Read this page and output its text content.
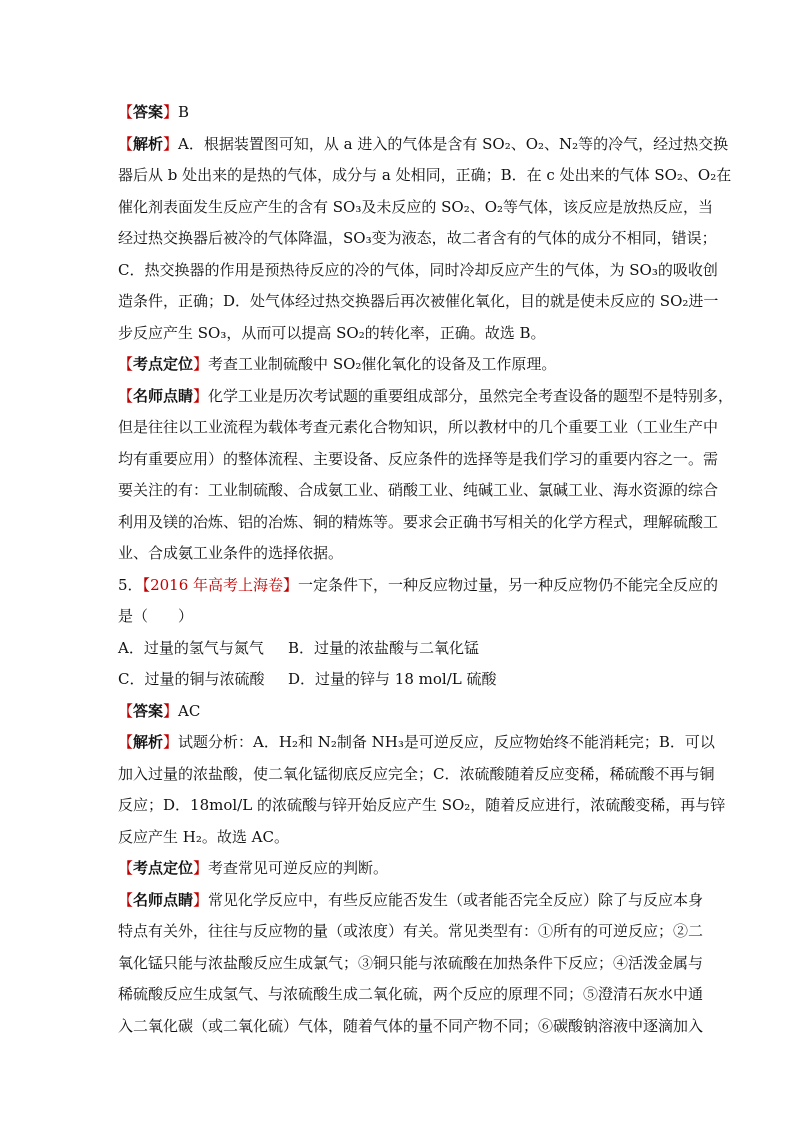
【答案】B
【解析】A．根据装置图可知，从 a 进入的气体是含有 SO₂、O₂、N₂等的冷气，经过热交换
器后从 b 处出来的是热的气体，成分与 a 处相同，正确；B．在 c 处出来的气体 SO₂、O₂在
催化剂表面发生反应产生的含有 SO₃及未反应的 SO₂、O₂等气体，该反应是放热反应，当
经过热交换器后被冷的气体降温，SO₃变为液态，故二者含有的气体的成分不相同，错误；
C．热交换器的作用是预热待反应的冷的气体，同时冷却反应产生的气体，为 SO₃的吸收创
造条件，正确；D．处气体经过热交换器后再次被催化氧化，目的就是使未反应的 SO₂进一
步反应产生 SO₃，从而可以提高 SO₂的转化率，正确。故选 B。
【考点定位】考查工业制硫酸中 SO₂催化氧化的设备及工作原理。
【名师点睛】化学工业是历次考试题的重要组成部分，虽然完全考查设备的题型不是特别多，
但是往往以工业流程为载体考查元素化合物知识，所以教材中的几个重要工业（工业生产中
均有重要应用）的整体流程、主要设备、反应条件的选择等是我们学习的重要内容之一。需
要关注的有：工业制硫酸、合成氨工业、硝酸工业、纯碱工业、氯碱工业、海水资源的综合
利用及镁的冶炼、铝的冶炼、铜的精炼等。要求会正确书写相关的化学方程式，理解硫酸工
业、合成氨工业条件的选择依据。
5．【2016 年高考上海卷】一定条件下，一种反应物过量，另一种反应物仍不能完全反应的
是（　　）
A．过量的氢气与氮气	B．过量的浓盐酸与二氧化锰
C．过量的铜与浓硫酸	D．过量的锌与 18 mol/L 硫酸
【答案】AC
【解析】试题分析：A．H₂和 N₂制备 NH₃是可逆反应，反应物始终不能消耗完；B．可以
加入过量的浓盐酸，使二氧化锰彻底反应完全；C．浓硫酸随着反应变稀，稀硫酸不再与铜
反应；D．18mol/L 的浓硫酸与锌开始反应产生 SO₂，随着反应进行，浓硫酸变稀，再与锌
反应产生 H₂。故选 AC。
【考点定位】考查常见可逆反应的判断。
【名师点睛】常见化学反应中，有些反应能否发生（或者能否完全反应）除了与反应本身
特点有关外，往往与反应物的量（或浓度）有关。常见类型有：①所有的可逆反应；②二
氧化锰只能与浓盐酸反应生成氯气；③铜只能与浓硫酸在加热条件下反应；④活泼金属与
稀硫酸反应生成氢气、与浓硫酸生成二氧化硫，两个反应的原理不同；⑤澄清石灰水中通
入二氧化碳（或二氧化硫）气体，随着气体的量不同产物不同；⑥碳酸钠溶液中逐滴加入
